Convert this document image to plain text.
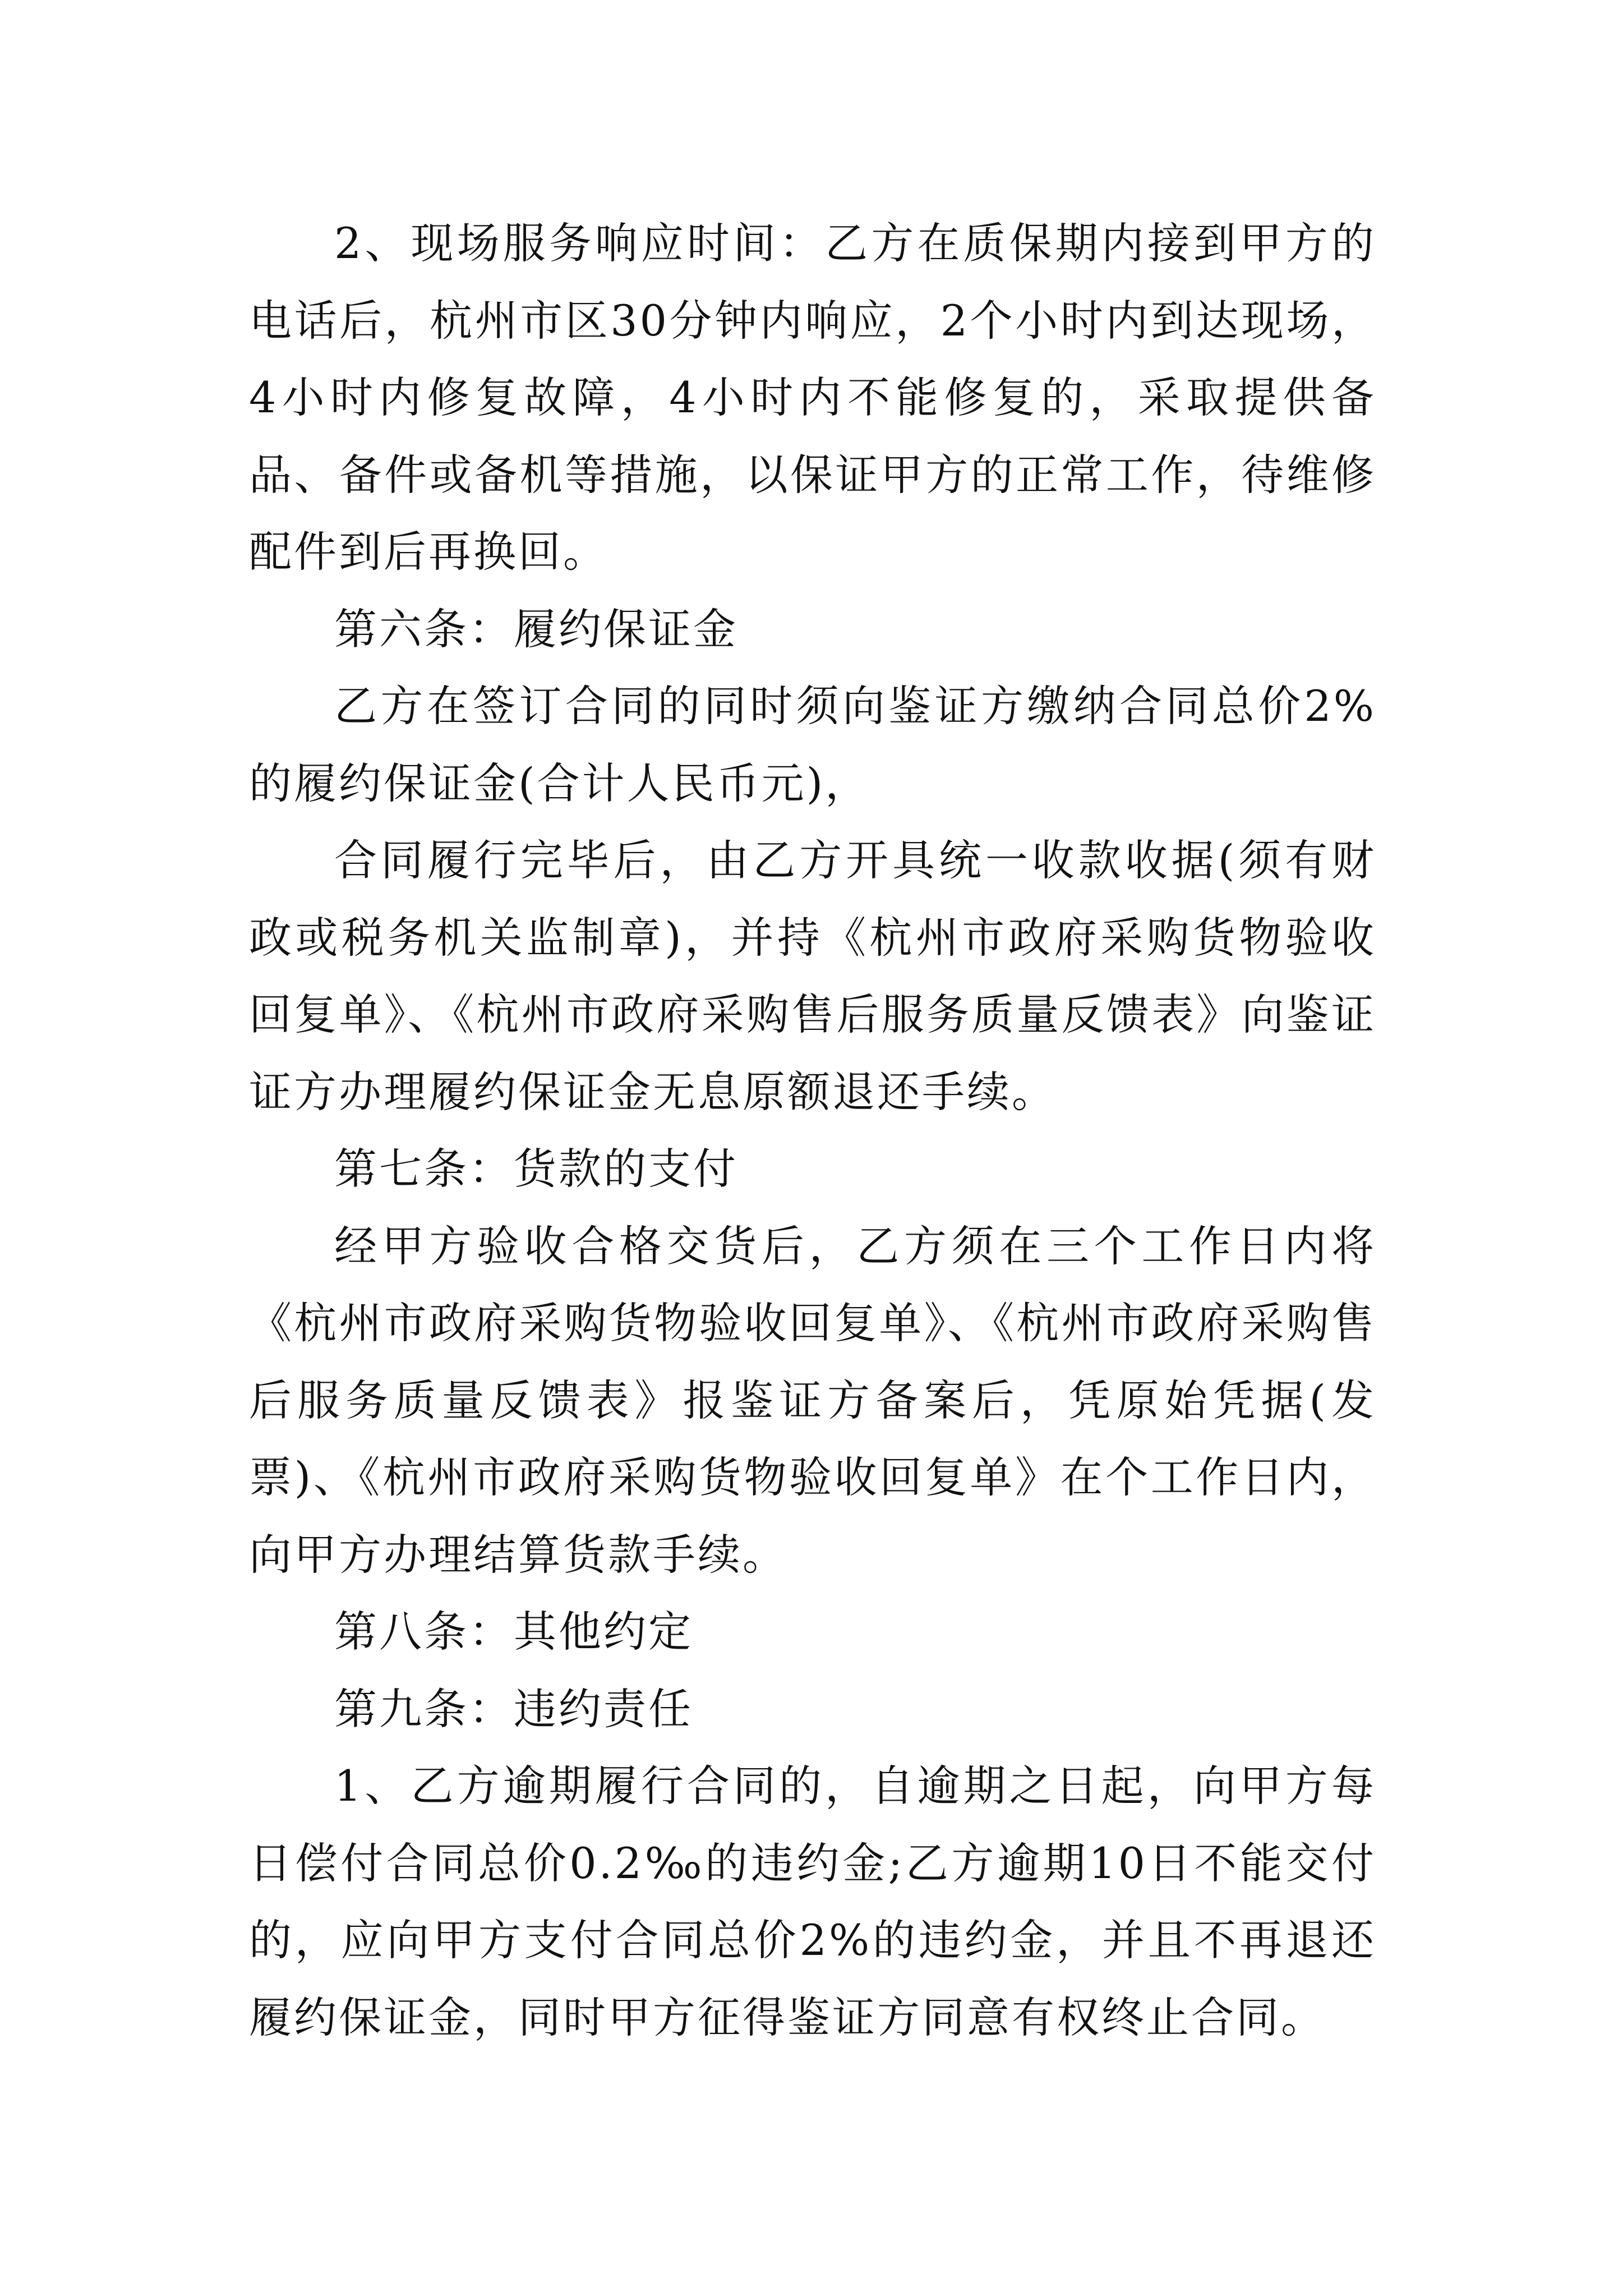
2、现场服务响应时间：乙方在质保期内接到甲方的电话后，杭州市区30分钟内响应，2个小时内到达现场，4小时内修复故障，4小时内不能修复的，采取提供备品、备件或备机等措施，以保证甲方的正常工作，待维修配件到后再换回。

第六条：履约保证金

乙方在签订合同的同时须向鉴证方缴纳合同总价2%的履约保证金(合计人民币元)，

合同履行完毕后，由乙方开具统一收款收据(须有财政或税务机关监制章)，并持《杭州市政府采购货物验收回复单》、《杭州市政府采购售后服务质量反馈表》向鉴证证方办理履约保证金无息原额退还手续。

第七条：货款的支付

经甲方验收合格交货后，乙方须在三个工作日内将《杭州市政府采购货物验收回复单》、《杭州市政府采购售后服务质量反馈表》报鉴证方备案后，凭原始凭据(发票)、《杭州市政府采购货物验收回复单》在个工作日内，向甲方办理结算货款手续。

第八条：其他约定

第九条：违约责任

1、乙方逾期履行合同的，自逾期之日起，向甲方每日偿付合同总价0.2‰的违约金;乙方逾期10日不能交付的，应向甲方支付合同总价2%的违约金，并且不再退还履约保证金，同时甲方征得鉴证方同意有权终止合同。
